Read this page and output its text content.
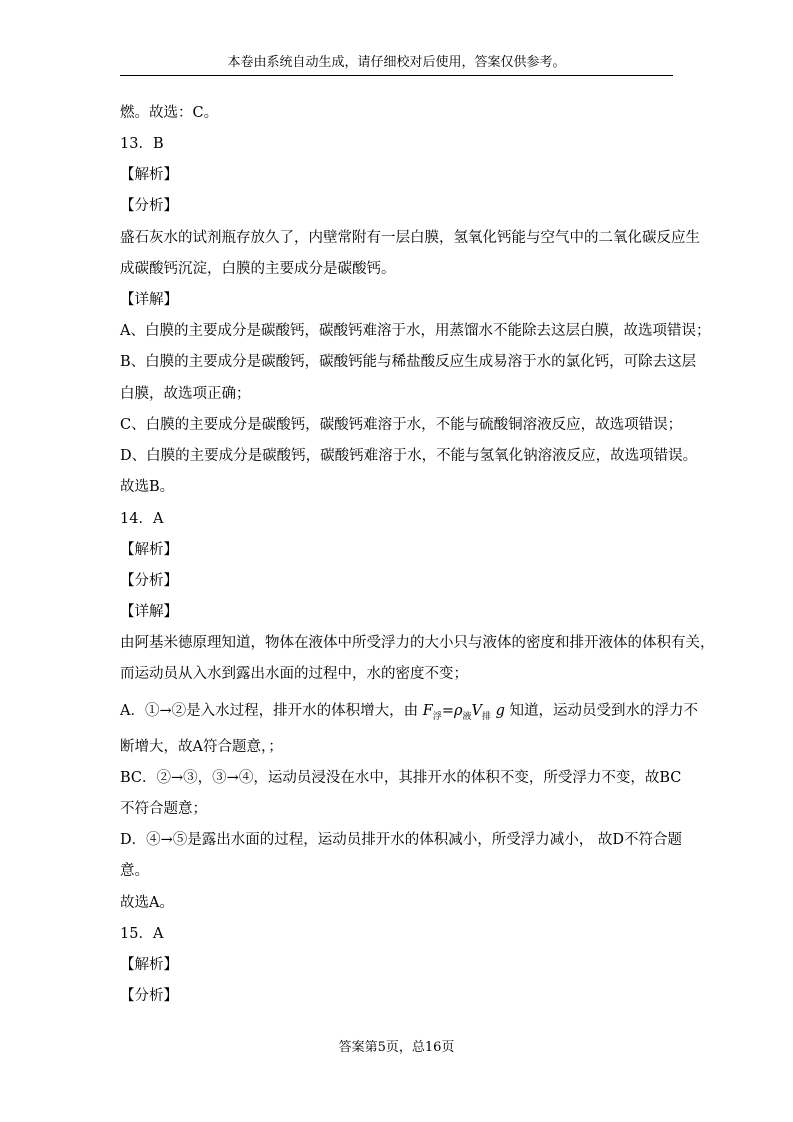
本卷由系统自动生成，请仔细校对后使用，答案仅供参考。
燃。故选：C。
13．B
【解析】
【分析】
盛石灰水的试剂瓶存放久了，内壁常附有一层白膜，氢氧化钙能与空气中的二氧化碳反应生
成碳酸钙沉淀，白膜的主要成分是碳酸钙。
【详解】
A、白膜的主要成分是碳酸钙，碳酸钙难溶于水，用蒸馏水不能除去这层白膜，故选项错误；
B、白膜的主要成分是碳酸钙，碳酸钙能与稀盐酸反应生成易溶于水的氯化钙，可除去这层
白膜，故选项正确；
C、白膜的主要成分是碳酸钙，碳酸钙难溶于水，不能与硫酸铜溶液反应，故选项错误；
D、白膜的主要成分是碳酸钙，碳酸钙难溶于水，不能与氢氧化钠溶液反应，故选项错误。
故选B。
14．A
【解析】
【分析】
【详解】
由阿基米德原理知道，物体在液体中所受浮力的大小只与液体的密度和排开液体的体积有关，
而运动员从入水到露出水面的过程中，水的密度不变；
A．①→②是入水过程，排开水的体积增大，由 $F_浮=\rho_液V_排$ g 知道，运动员受到水的浮力不
断增大，故A符合题意，；
BC．②→③，③→④，运动员浸没在水中，其排开水的体积不变，所受浮力不变，故BC
不符合题意；
D．④→⑤是露出水面的过程，运动员排开水的体积减小，所受浮力减小， 故D不符合题
意。
故选A。
15．A
【解析】
【分析】
答案第5页，总16页
